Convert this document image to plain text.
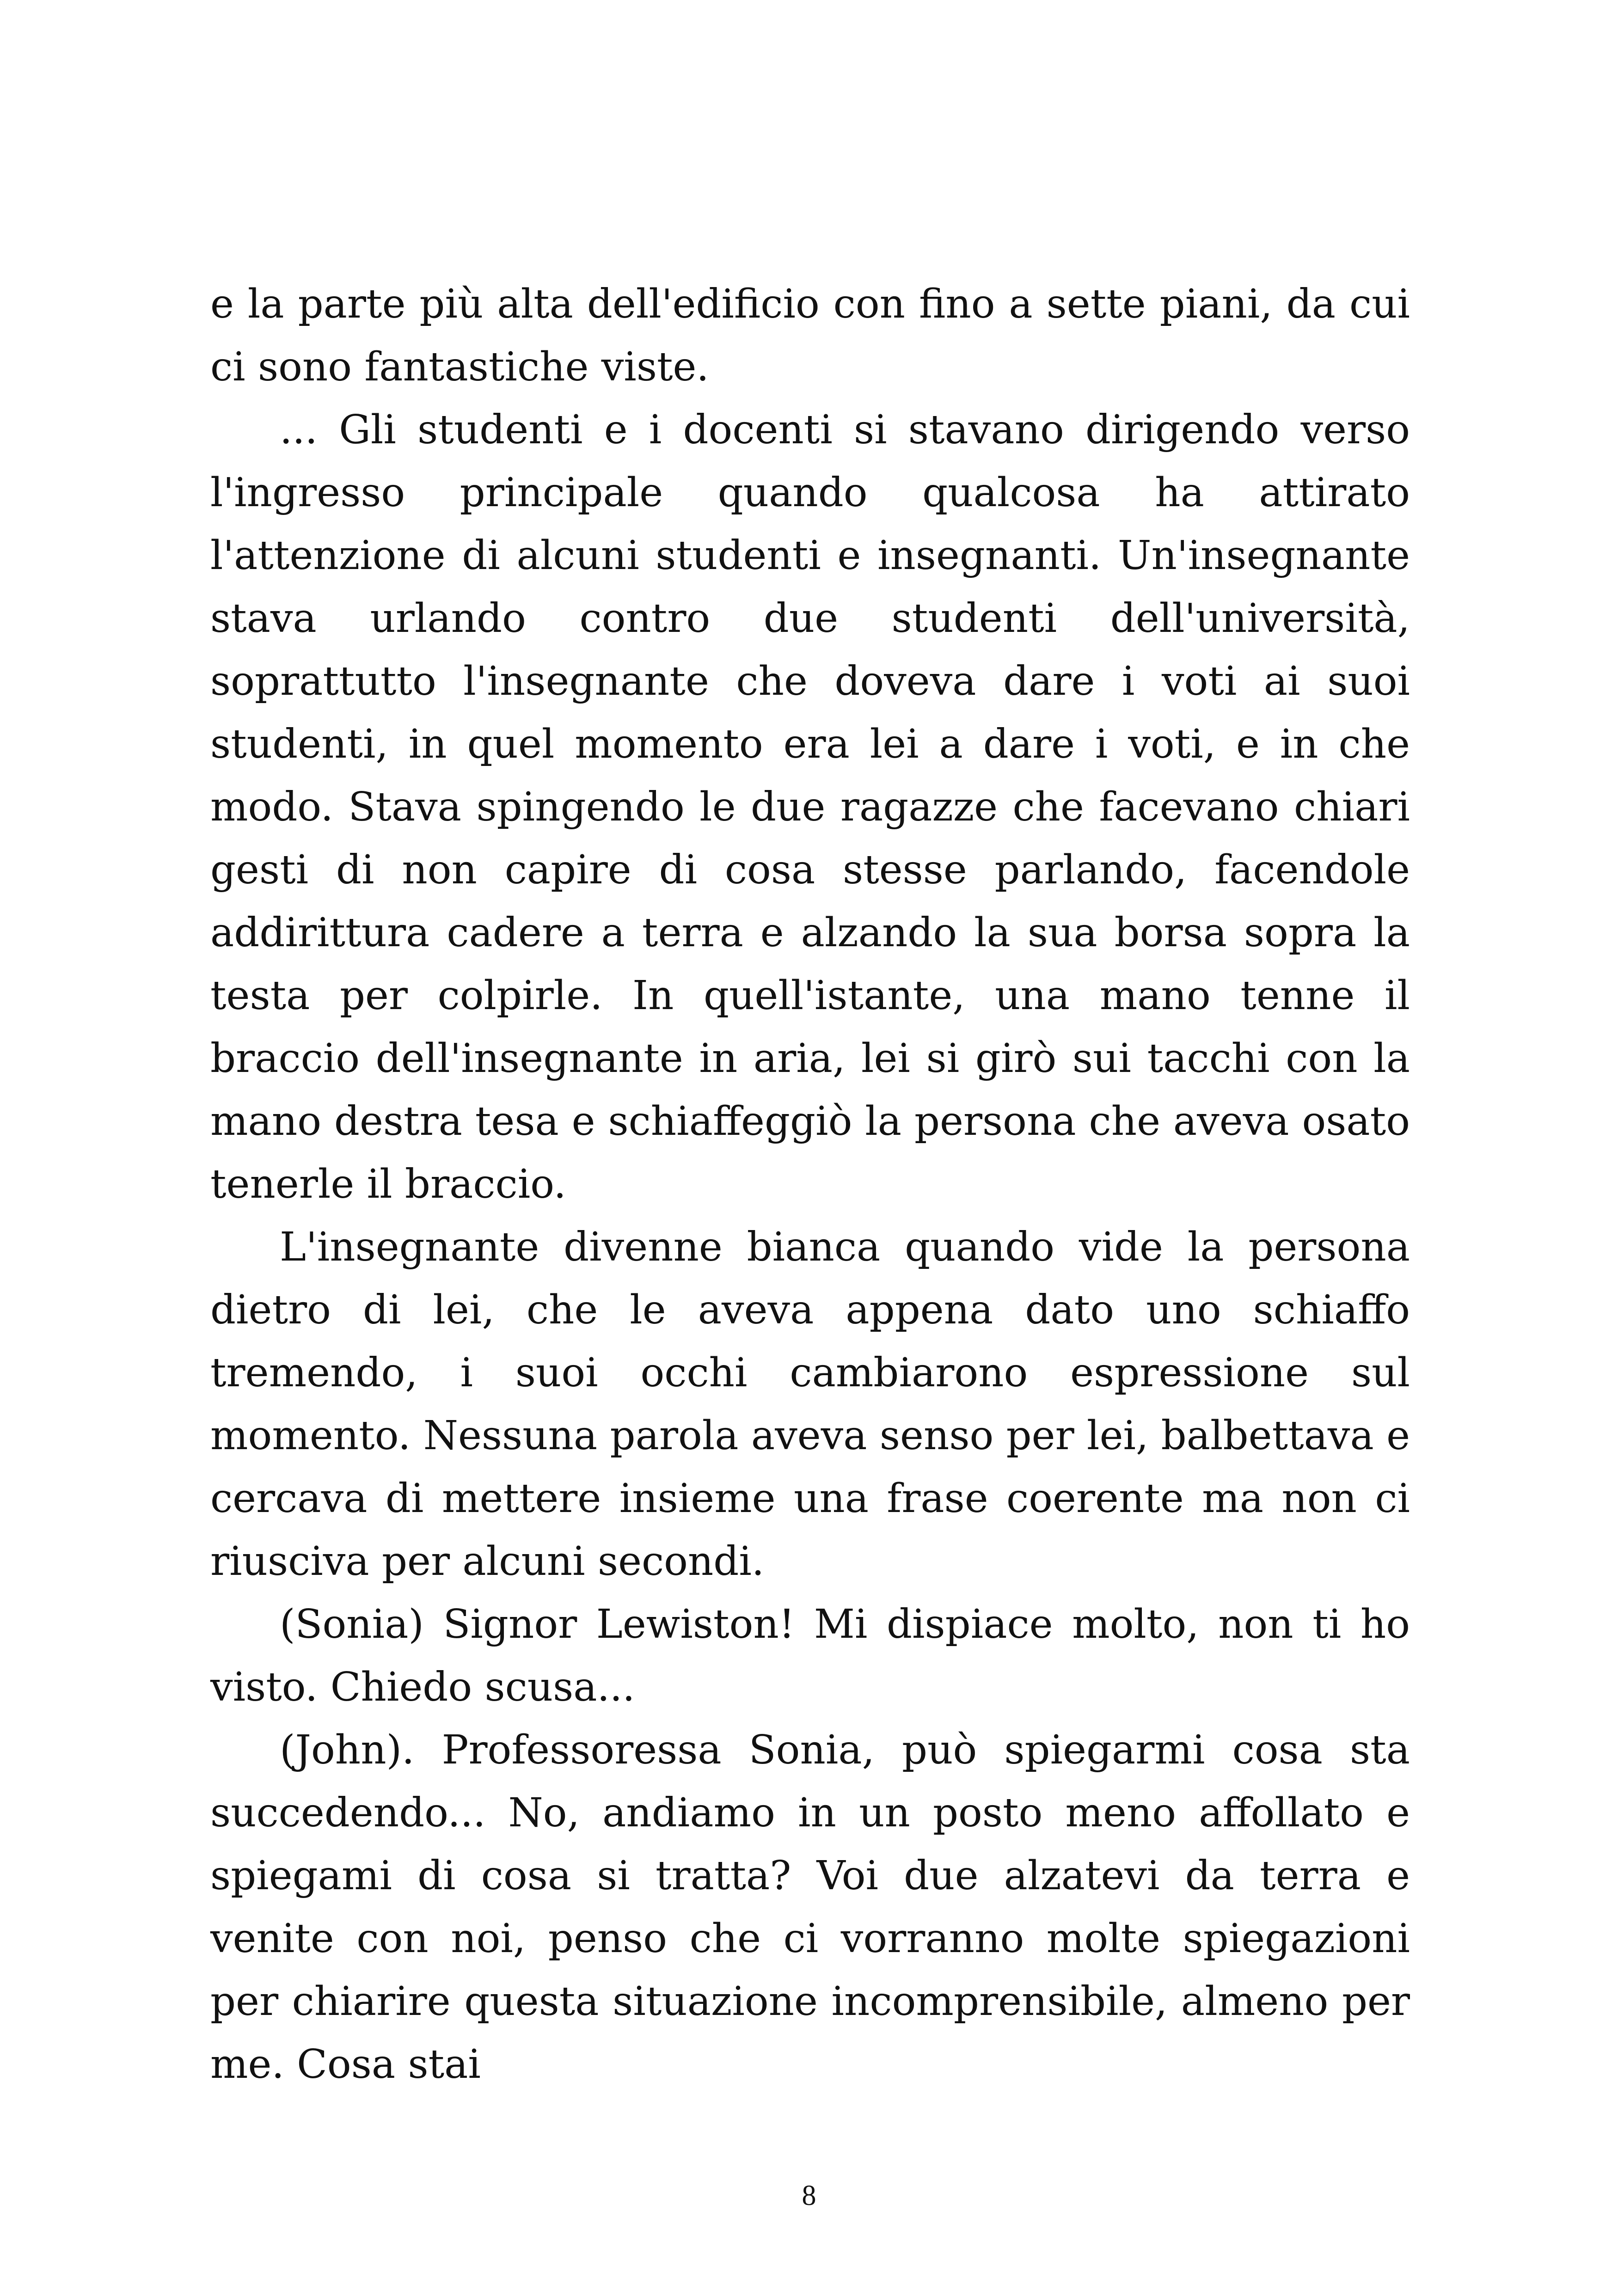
e la parte più alta dell'edificio con fino a sette piani, da cui ci sono fantastiche viste.

... Gli studenti e i docenti si stavano dirigendo verso l'ingresso principale quando qualcosa ha attirato l'attenzione di alcuni studenti e insegnanti. Un'insegnante stava urlando contro due studenti dell'università, soprattutto l'insegnante che doveva dare i voti ai suoi studenti, in quel momento era lei a dare i voti, e in che modo. Stava spingendo le due ragazze che facevano chiari gesti di non capire di cosa stesse parlando, facendole addirittura cadere a terra e alzando la sua borsa sopra la testa per colpirle. In quell'istante, una mano tenne il braccio dell'insegnante in aria, lei si girò sui tacchi con la mano destra tesa e schiaffeggiò la persona che aveva osato tenerle il braccio.

L'insegnante divenne bianca quando vide la persona dietro di lei, che le aveva appena dato uno schiaffo tremendo, i suoi occhi cambiarono espressione sul momento. Nessuna parola aveva senso per lei, balbettava e cercava di mettere insieme una frase coerente ma non ci riusciva per alcuni secondi.

(Sonia) Signor Lewiston! Mi dispiace molto, non ti ho visto. Chiedo scusa...

(John). Professoressa Sonia, può spiegarmi cosa sta succedendo... No, andiamo in un posto meno affollato e spiegami di cosa si tratta? Voi due alzatevi da terra e venite con noi, penso che ci vorranno molte spiegazioni per chiarire questa situazione incomprensibile, almeno per me. Cosa stai

8
